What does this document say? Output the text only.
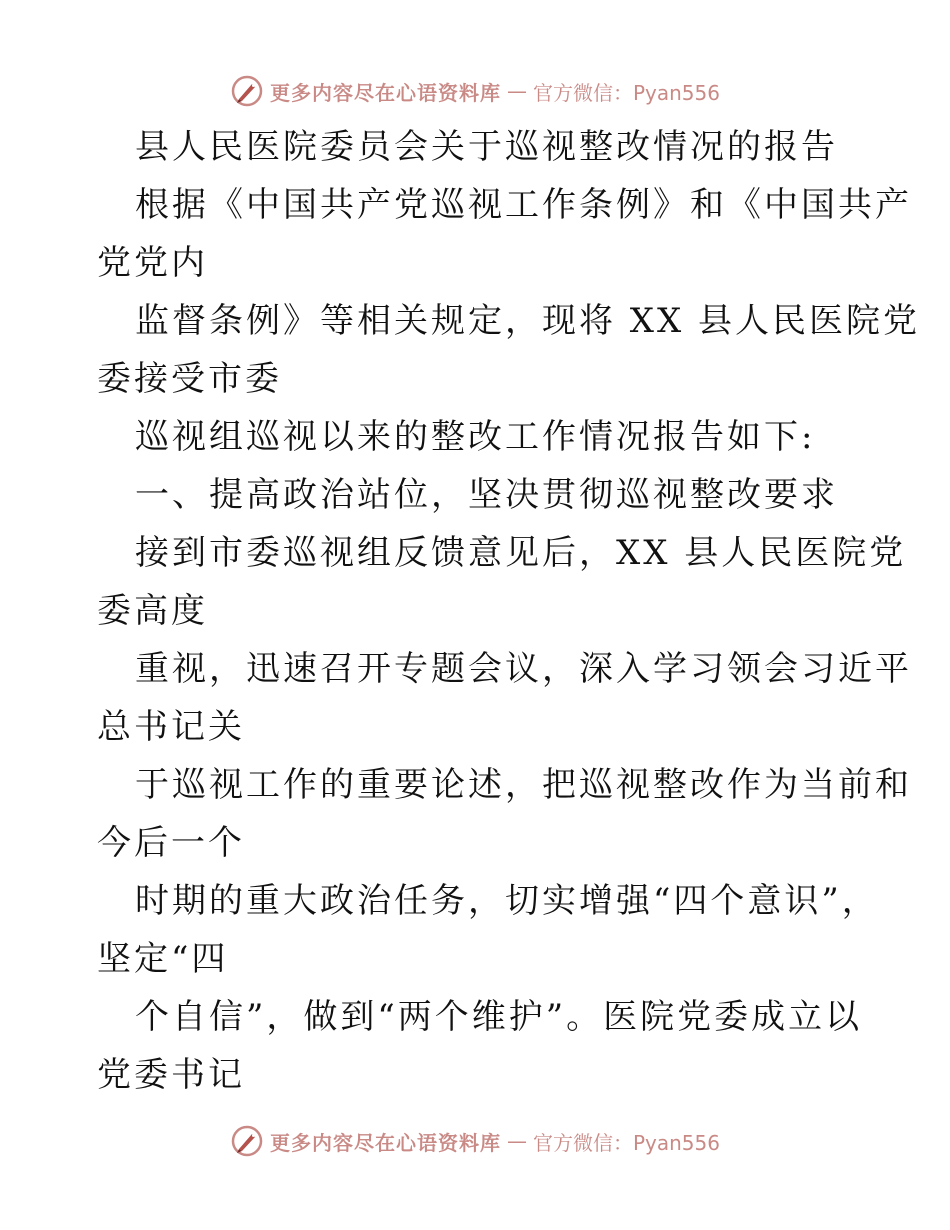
更多内容尽在心语资料库 — 官方微信：Pyan556
县人民医院委员会关于巡视整改情况的报告
根据《中国共产党巡视工作条例》和《中国共产
党党内
监督条例》等相关规定，现将 XX 县人民医院党
委接受市委
巡视组巡视以来的整改工作情况报告如下:
一、提高政治站位，坚决贯彻巡视整改要求
接到市委巡视组反馈意见后，XX 县人民医院党
委高度
重视，迅速召开专题会议，深入学习领会习近平
总书记关
于巡视工作的重要论述，把巡视整改作为当前和
今后一个
时期的重大政治任务，切实增强“四个意识”，
坚定“四
个自信”，做到“两个维护”。医院党委成立以
党委书记
更多内容尽在心语资料库 — 官方微信：Pyan556
